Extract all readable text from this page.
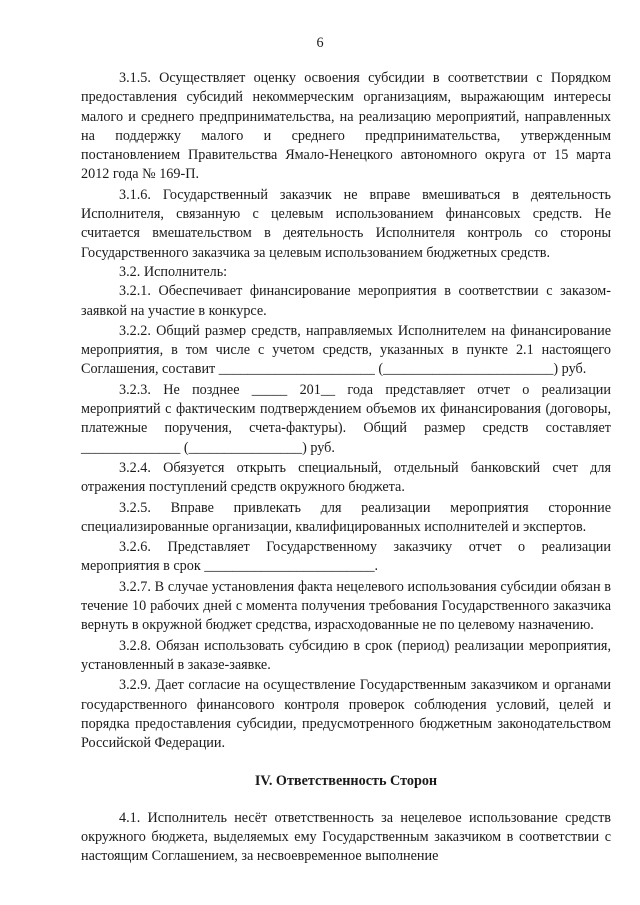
6

3.1.5. Осуществляет оценку освоения субсидии в соответствии с Порядком предоставления субсидий некоммерческим организациям, выражающим интересы малого и среднего предпринимательства, на реализацию мероприятий, направленных на поддержку малого и среднего предпринимательства, утвержденным постановлением Правительства Ямало-Ненецкого автономного округа от 15 марта 2012 года № 169-П.

3.1.6. Государственный заказчик не вправе вмешиваться в деятельность Исполнителя, связанную с целевым использованием финансовых средств. Не считается вмешательством в деятельность Исполнителя контроль со стороны Государственного заказчика за целевым использованием бюджетных средств.

3.2. Исполнитель:

3.2.1. Обеспечивает финансирование мероприятия в соответствии с заказом-заявкой на участие в конкурсе.

3.2.2. Общий размер средств, направляемых Исполнителем на финансирование мероприятия, в том числе с учетом средств, указанных в пункте 2.1 настоящего Соглашения, составит ______________________ (________________________) руб.

3.2.3. Не позднее _____ 201__ года представляет отчет о реализации мероприятий с фактическим подтверждением объемов их финансирования (договоры, платежные поручения, счета-фактуры). Общий размер средств составляет ______________ (________________) руб.

3.2.4. Обязуется открыть специальный, отдельный банковский счет для отражения поступлений средств окружного бюджета.

3.2.5. Вправе привлекать для реализации мероприятия сторонние специализированные организации, квалифицированных исполнителей и экспертов.

3.2.6. Представляет Государственному заказчику отчет о реализации мероприятия в срок ________________________.

3.2.7. В случае установления факта нецелевого использования субсидии обязан в течение 10 рабочих дней с момента получения требования Государственного заказчика вернуть в окружной бюджет средства, израсходованные не по целевому назначению.

3.2.8. Обязан использовать субсидию в срок (период) реализации мероприятия, установленный в заказе-заявке.

3.2.9. Дает согласие на осуществление Государственным заказчиком и органами государственного финансового контроля проверок соблюдения условий, целей и порядка предоставления субсидии, предусмотренного бюджетным законодательством Российской Федерации.

IV. Ответственность Сторон

4.1. Исполнитель несёт ответственность за нецелевое использование средств окружного бюджета, выделяемых ему Государственным заказчиком в соответствии с настоящим Соглашением, за несвоевременное выполнение
